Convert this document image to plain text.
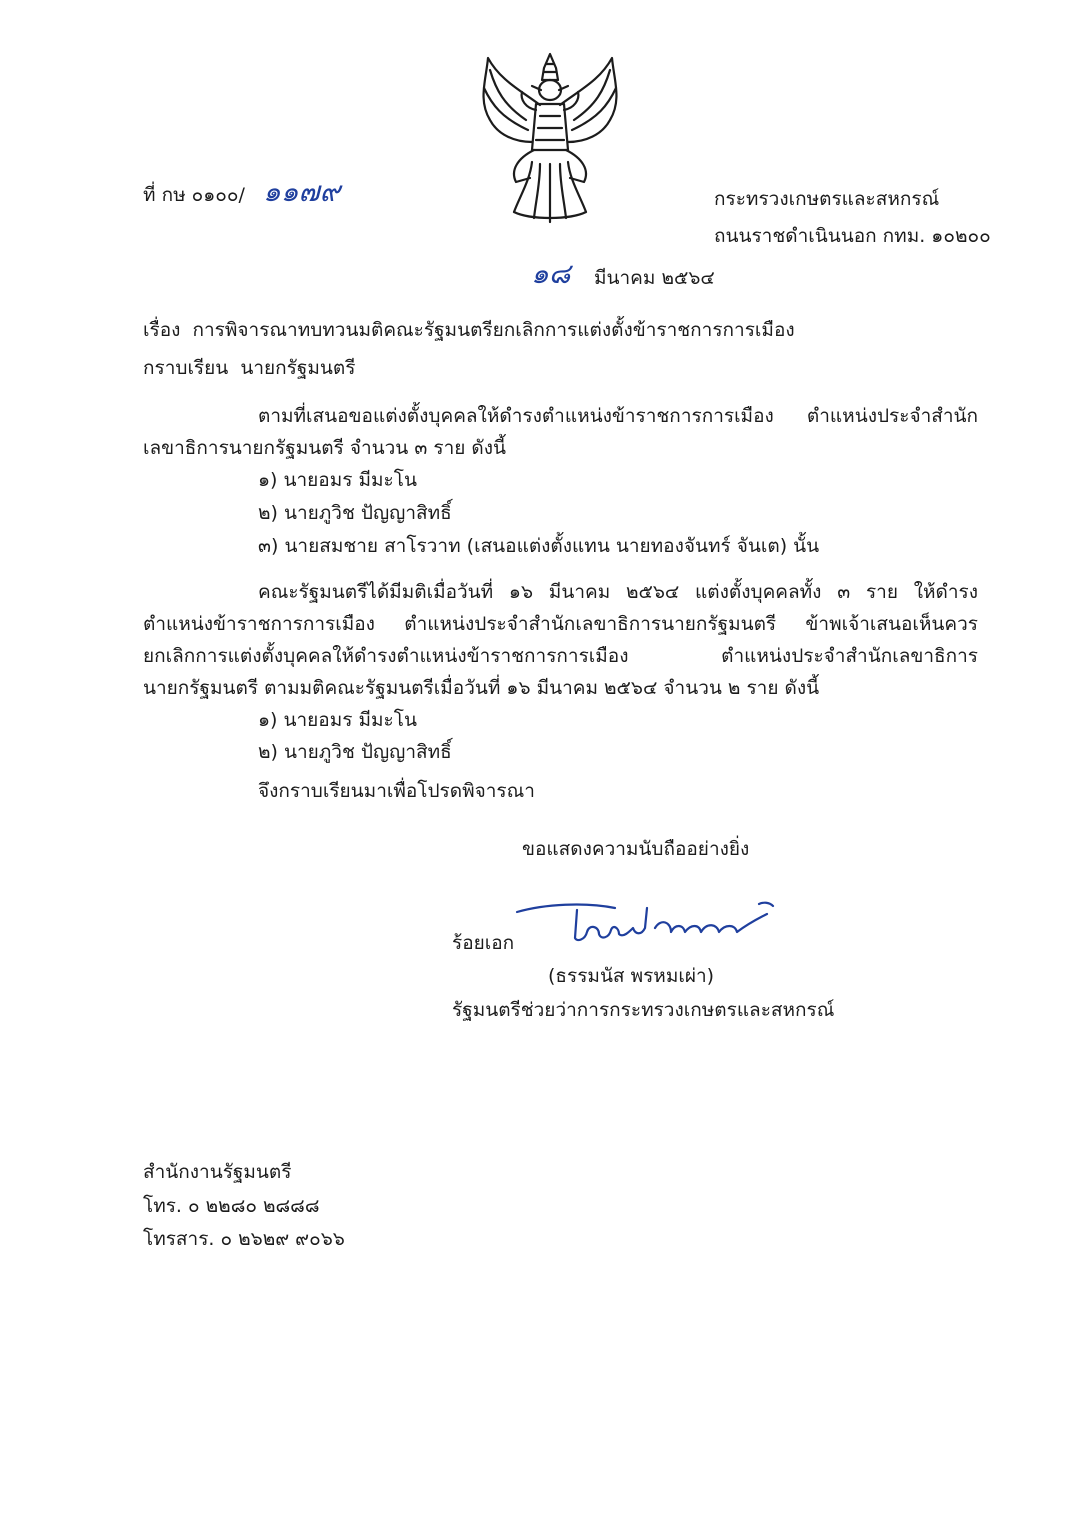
ที่ กษ ๐๑๐๐/ ๑๑๗๙	กระทรวงเกษตรและสหกรณ์
ถนนราชดำเนินนอก กทม. ๑๐๒๐๐
๑๘ มีนาคม ๒๕๖๔
เรื่อง การพิจารณาทบทวนมติคณะรัฐมนตรียกเลิกการแต่งตั้งข้าราชการการเมือง
กราบเรียน นายกรัฐมนตรี
ตามที่เสนอขอแต่งตั้งบุคคลให้ดำรงตำแหน่งข้าราชการการเมือง ตำแหน่งประจำสำนัก
เลขาธิการนายกรัฐมนตรี จำนวน ๓ ราย ดังนี้
๑) นายอมร มีมะโน
๒) นายภูวิช ปัญญาสิทธิ์
๓) นายสมชาย สาโรวาท (เสนอแต่งตั้งแทน นายทองจันทร์ จันเต) นั้น
คณะรัฐมนตรีได้มีมติเมื่อวันที่ ๑๖ มีนาคม ๒๕๖๔ แต่งตั้งบุคคลทั้ง ๓ ราย ให้ดำรง
ตำแหน่งข้าราชการการเมือง ตำแหน่งประจำสำนักเลขาธิการนายกรัฐมนตรี ข้าพเจ้าเสนอเห็นควร
ยกเลิกการแต่งตั้งบุคคลให้ดำรงตำแหน่งข้าราชการการเมือง ตำแหน่งประจำสำนักเลขาธิการ
นายกรัฐมนตรี ตามมติคณะรัฐมนตรีเมื่อวันที่ ๑๖ มีนาคม ๒๕๖๔ จำนวน ๒ ราย ดังนี้
๑) นายอมร มีมะโน
๒) นายภูวิช ปัญญาสิทธิ์
จึงกราบเรียนมาเพื่อโปรดพิจารณา
ขอแสดงความนับถืออย่างยิ่ง
ร้อยเอก
(ธรรมนัส พรหมเผ่า)
รัฐมนตรีช่วยว่าการกระทรวงเกษตรและสหกรณ์
สำนักงานรัฐมนตรี
โทร. ๐ ๒๒๘๐ ๒๘๘๘
โทรสาร. ๐ ๒๖๒๙ ๙๐๖๖
